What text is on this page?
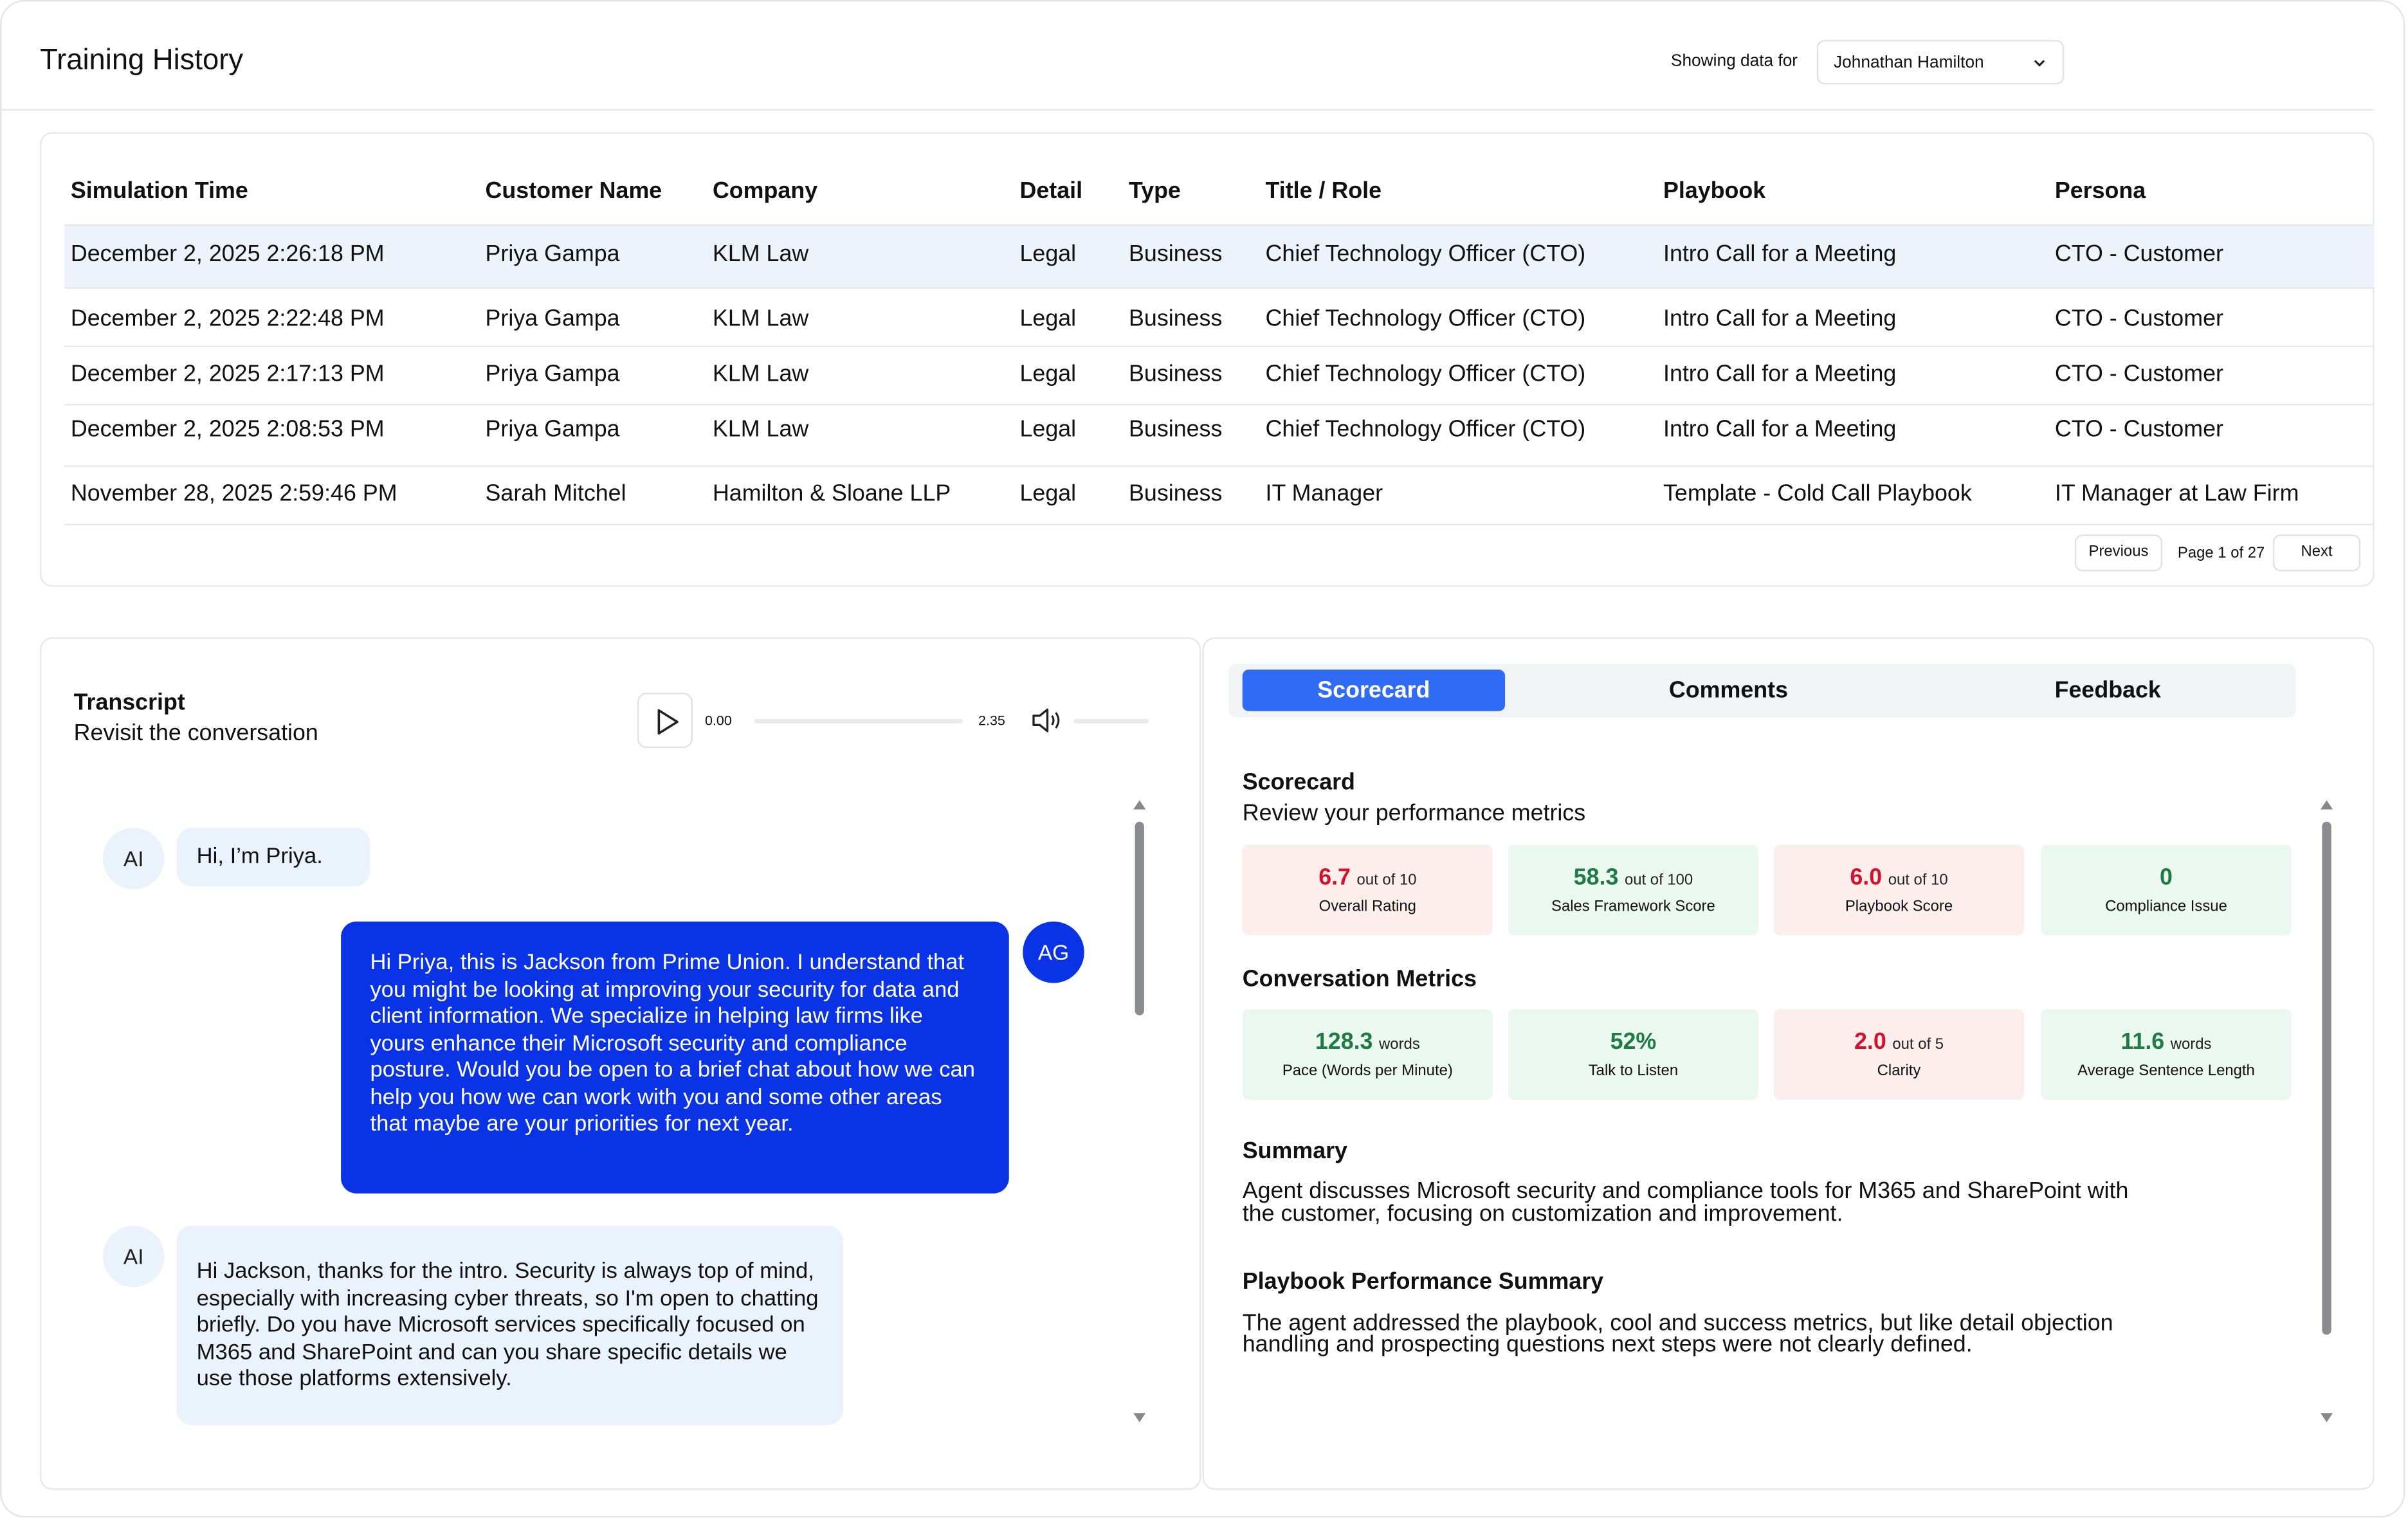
Training History	Showing data for	Johnathan Hamilton
Simulation Time	Customer Name	Company	Detail	Type	Title / Role	Playbook	Persona
December 2, 2025 2:26:18 PM	Priya Gampa	KLM Law	Legal	Business	Chief Technology Officer (CTO)	Intro Call for a Meeting	CTO - Customer
December 2, 2025 2:22:48 PM	Priya Gampa	KLM Law	Legal	Business	Chief Technology Officer (CTO)	Intro Call for a Meeting	CTO - Customer
December 2, 2025 2:17:13 PM	Priya Gampa	KLM Law	Legal	Business	Chief Technology Officer (CTO)	Intro Call for a Meeting	CTO - Customer
December 2, 2025 2:08:53 PM	Priya Gampa	KLM Law	Legal	Business	Chief Technology Officer (CTO)	Intro Call for a Meeting	CTO - Customer
November 28, 2025 2:59:46 PM	Sarah Mitchel	Hamilton & Sloane LLP	Legal	Business	IT Manager	Template - Cold Call Playbook	IT Manager at Law Firm
Previous	Page 1 of 27	Next
Transcript
Revisit the conversation	0.00	2.35
AI	Hi, I’m Priya.
Hi Priya, this is Jackson from Prime Union. I understand that you might be looking at improving your security for data and client information. We specialize in helping law firms like yours enhance their Microsoft security and compliance posture. Would you be open to a brief chat about how we can help you how we can work with you and some other areas that maybe are your priorities for next year.
AG
AI
Hi Jackson, thanks for the intro. Security is always top of mind, especially with increasing cyber threats, so I'm open to chatting briefly. Do you have Microsoft services specifically focused on M365 and SharePoint and can you share specific details we use those platforms extensively.
Scorecard	Comments	Feedback
Scorecard
Review your performance metrics
6.7 out of 10
Overall Rating
58.3 out of 100
Sales Framework Score
6.0 out of 10
Playbook Score
0
Compliance Issue
Conversation Metrics
128.3 words
Pace (Words per Minute)
52%
Talk to Listen
2.0 out of 5
Clarity
11.6 words
Average Sentence Length
Summary
Agent discusses Microsoft security and compliance tools for M365 and SharePoint with
the customer, focusing on customization and improvement.
Playbook Performance Summary
The agent addressed the playbook, cool and success metrics, but like detail objection
handling and prospecting questions next steps were not clearly defined.
